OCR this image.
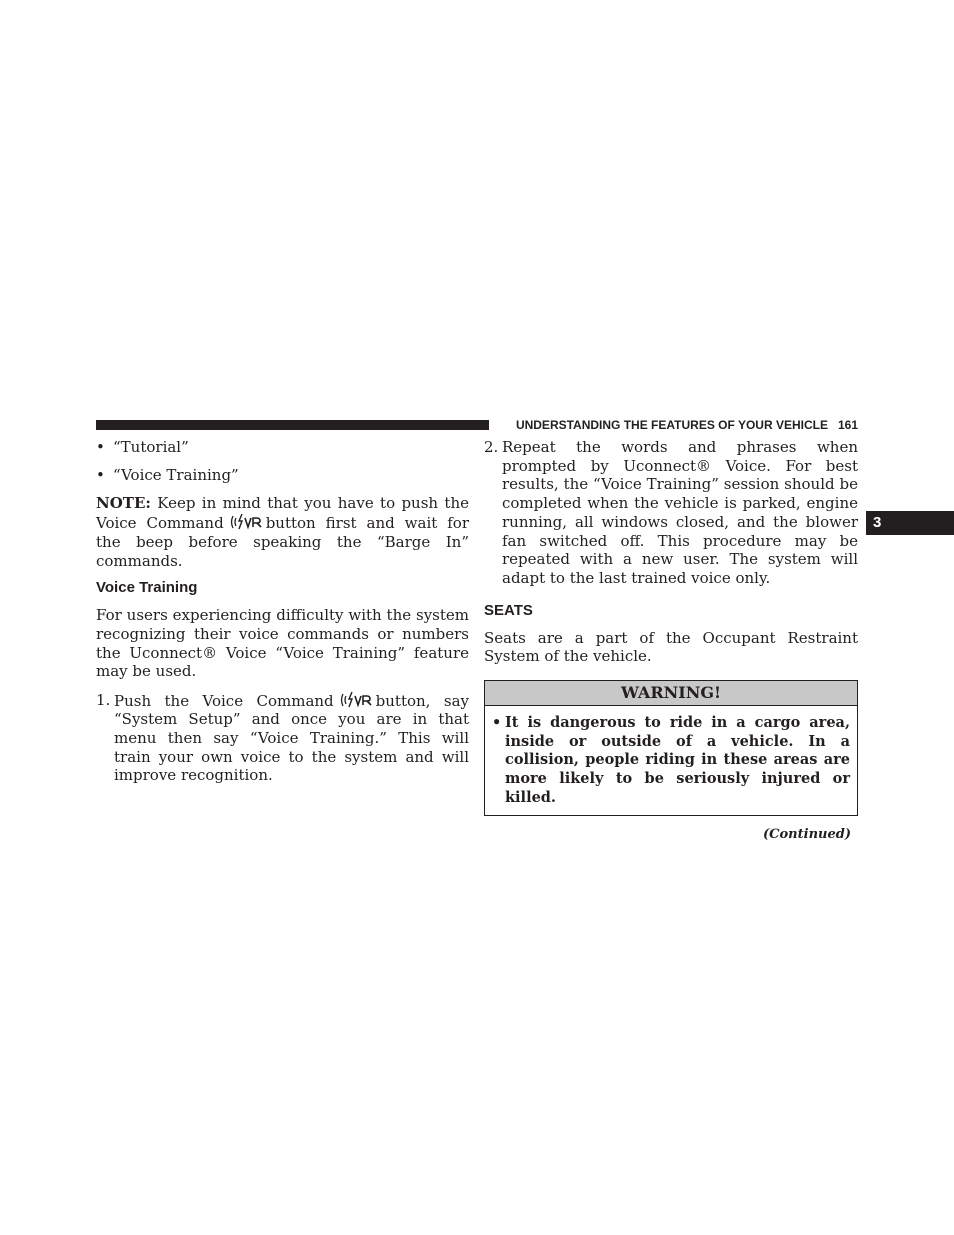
UNDERSTANDING THE FEATURES OF YOUR VEHICLE 161
3

• “Tutorial”

• “Voice Training”

NOTE: Keep in mind that you have to push the Voice Command	button first and wait for the beep before speaking the “Barge In” commands.

Voice Training

For users experiencing difficulty with the system recognizing their voice commands or numbers the Uconnect® Voice “Voice Training” feature may be used.

1. Push the Voice Command	button, say “System Setup” and once you are in that menu then say “Voice Training.” This will train your own voice to the system and will improve recognition.

2. Repeat the words and phrases when prompted by Uconnect® Voice. For best results, the “Voice Training” session should be completed when the vehicle is parked, engine running, all windows closed, and the blower fan switched off. This procedure may be repeated with a new user. The system will adapt to the last trained voice only.

SEATS

Seats are a part of the Occupant Restraint System of the vehicle.

WARNING!
• It is dangerous to ride in a cargo area, inside or outside of a vehicle. In a collision, people riding in these areas are more likely to be seriously injured or killed.
(Continued)
